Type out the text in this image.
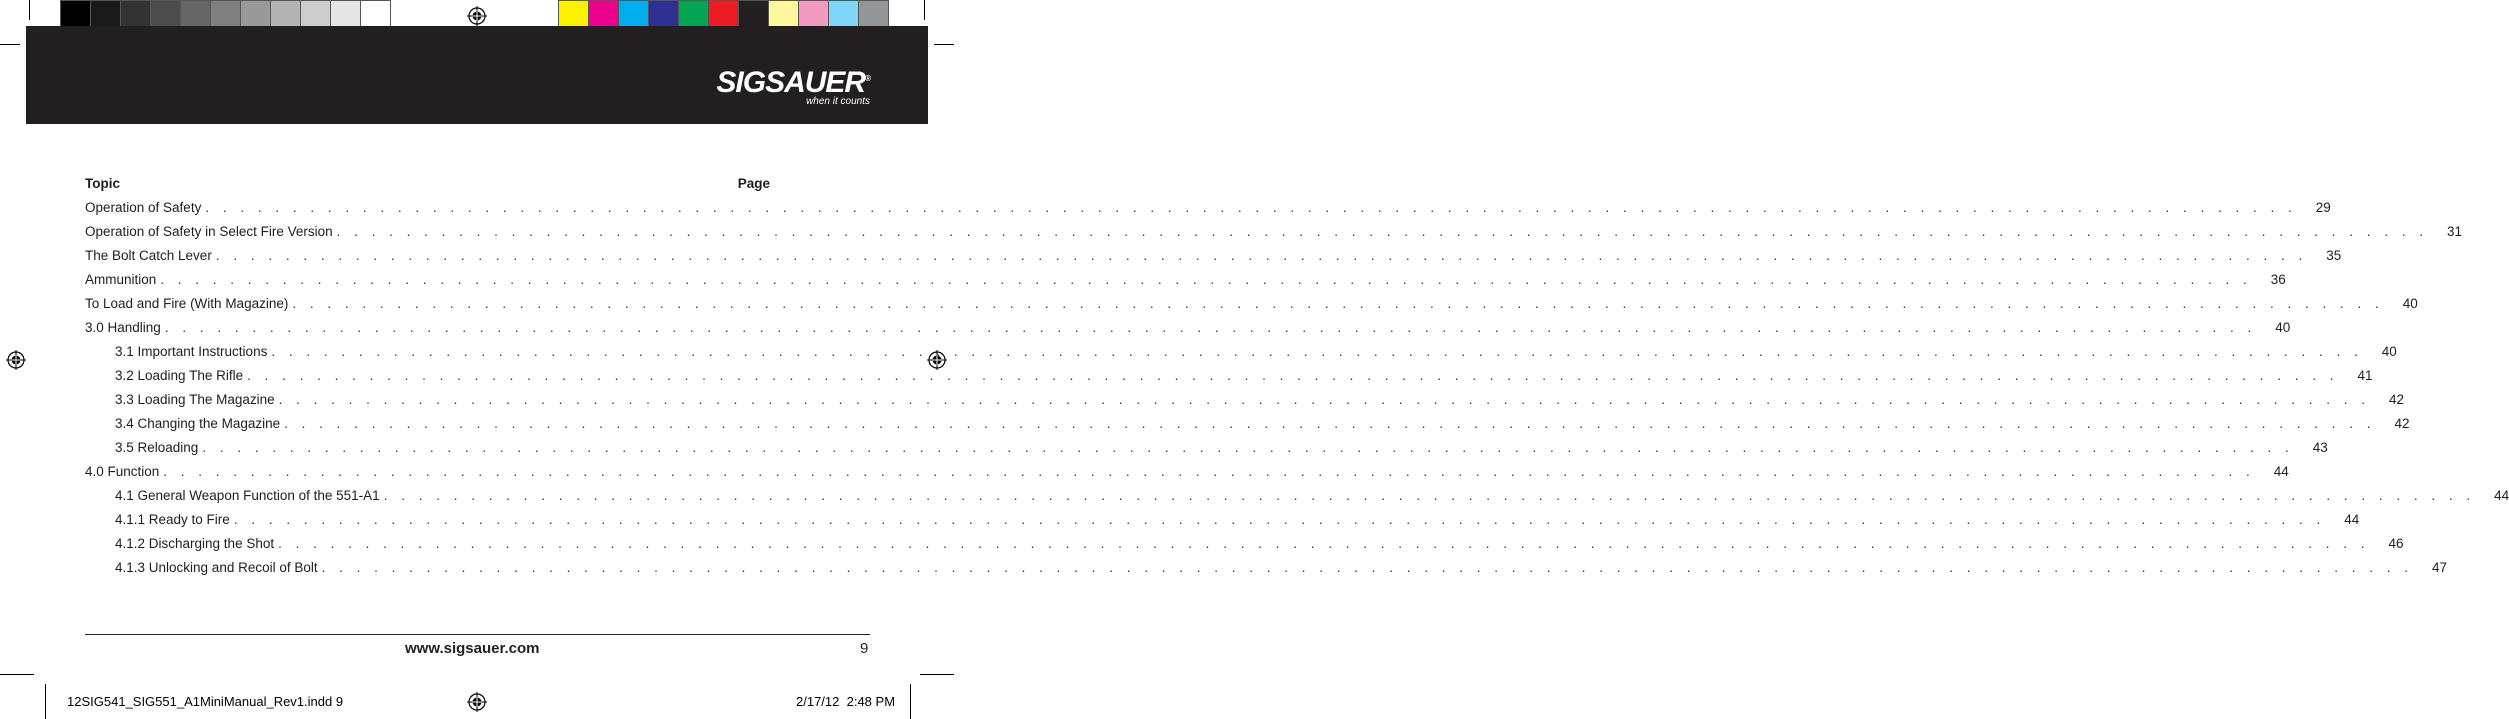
SIGSAUER®
when it counts
Topic	Page
Operation of Safety . . . . . . . . . . . . . . . . . . . . . . . . . . . . . . . . . . . . . . . . . . . . . . . . . . . . . . . . . . . . . . . . . . . . . . . . . . . . . . . . . . . . . . . . . . . . . . . . . . . . . . . . . . . . . . . . . . . . . . . .	29
Operation of Safety in Select Fire Version . . . . . . . . . . . . . . . . . . . . . . . . . . . . . . . . . . . . . . . . . . . . . . . . . . . . . . . . . . . . . . . . . . . . . . . . . . . . . . . . . . . . . . . . . . . . . . . . . . . . . . . . . . . . . . . . . . . . . . . .	31
The Bolt Catch Lever . . . . . . . . . . . . . . . . . . . . . . . . . . . . . . . . . . . . . . . . . . . . . . . . . . . . . . . . . . . . . . . . . . . . . . . . . . . . . . . . . . . . . . . . . . . . . . . . . . . . . . . . . . . . . . . . . . . . . . . .	35
Ammunition . . . . . . . . . . . . . . . . . . . . . . . . . . . . . . . . . . . . . . . . . . . . . . . . . . . . . . . . . . . . . . . . . . . . . . . . . . . . . . . . . . . . . . . . . . . . . . . . . . . . . . . . . . . . . . . . . . . . . . . .	36
To Load and Fire (With Magazine) . . . . . . . . . . . . . . . . . . . . . . . . . . . . . . . . . . . . . . . . . . . . . . . . . . . . . . . . . . . . . . . . . . . . . . . . . . . . . . . . . . . . . . . . . . . . . . . . . . . . . . . . . . . . . . . . . . . . . . . .	40
3.0 Handling . . . . . . . . . . . . . . . . . . . . . . . . . . . . . . . . . . . . . . . . . . . . . . . . . . . . . . . . . . . . . . . . . . . . . . . . . . . . . . . . . . . . . . . . . . . . . . . . . . . . . . . . . . . . . . . . . . . . . . . .	40
3.1 Important Instructions . . . . . . . . . . . . . . . . . . . . . . . . . . . . . . . . . . . . . . . . . . . . . . . . . . . . . . . . . . . . . . . . . . . . . . . . . . . . . . . . . . . . . . . . . . . . . . . . . . . . . . . . . . . . . . . . . . . . . . . .	40
3.2 Loading The Rifle . . . . . . . . . . . . . . . . . . . . . . . . . . . . . . . . . . . . . . . . . . . . . . . . . . . . . . . . . . . . . . . . . . . . . . . . . . . . . . . . . . . . . . . . . . . . . . . . . . . . . . . . . . . . . . . . . . . . . . . .	41
3.3 Loading The Magazine . . . . . . . . . . . . . . . . . . . . . . . . . . . . . . . . . . . . . . . . . . . . . . . . . . . . . . . . . . . . . . . . . . . . . . . . . . . . . . . . . . . . . . . . . . . . . . . . . . . . . . . . . . . . . . . . . . . . . . . .	42
3.4 Changing the Magazine . . . . . . . . . . . . . . . . . . . . . . . . . . . . . . . . . . . . . . . . . . . . . . . . . . . . . . . . . . . . . . . . . . . . . . . . . . . . . . . . . . . . . . . . . . . . . . . . . . . . . . . . . . . . . . . . . . . . . . . .	42
3.5 Reloading . . . . . . . . . . . . . . . . . . . . . . . . . . . . . . . . . . . . . . . . . . . . . . . . . . . . . . . . . . . . . . . . . . . . . . . . . . . . . . . . . . . . . . . . . . . . . . . . . . . . . . . . . . . . . . . . . . . . . . . .	43
4.0 Function . . . . . . . . . . . . . . . . . . . . . . . . . . . . . . . . . . . . . . . . . . . . . . . . . . . . . . . . . . . . . . . . . . . . . . . . . . . . . . . . . . . . . . . . . . . . . . . . . . . . . . . . . . . . . . . . . . . . . . . .	44
4.1 General Weapon Function of the 551-A1 . . . . . . . . . . . . . . . . . . . . . . . . . . . . . . . . . . . . . . . . . . . . . . . . . . . . . . . . . . . . . . . . . . . . . . . . . . . . . . . . . . . . . . . . . . . . . . . . . . . . . . . . . . . . . . . . . . . . . . . .	44
4.1.1 Ready to Fire . . . . . . . . . . . . . . . . . . . . . . . . . . . . . . . . . . . . . . . . . . . . . . . . . . . . . . . . . . . . . . . . . . . . . . . . . . . . . . . . . . . . . . . . . . . . . . . . . . . . . . . . . . . . . . . . . . . . . . . .	44
4.1.2 Discharging the Shot . . . . . . . . . . . . . . . . . . . . . . . . . . . . . . . . . . . . . . . . . . . . . . . . . . . . . . . . . . . . . . . . . . . . . . . . . . . . . . . . . . . . . . . . . . . . . . . . . . . . . . . . . . . . . . . . . . . . . . . .	46
4.1.3 Unlocking and Recoil of Bolt . . . . . . . . . . . . . . . . . . . . . . . . . . . . . . . . . . . . . . . . . . . . . . . . . . . . . . . . . . . . . . . . . . . . . . . . . . . . . . . . . . . . . . . . . . . . . . . . . . . . . . . . . . . . . . . . . . . . . . . .	47
www.sigsauer.com	9
12SIG541_SIG551_A1MiniManual_Rev1.indd 9	2/17/12 2:48 PM
